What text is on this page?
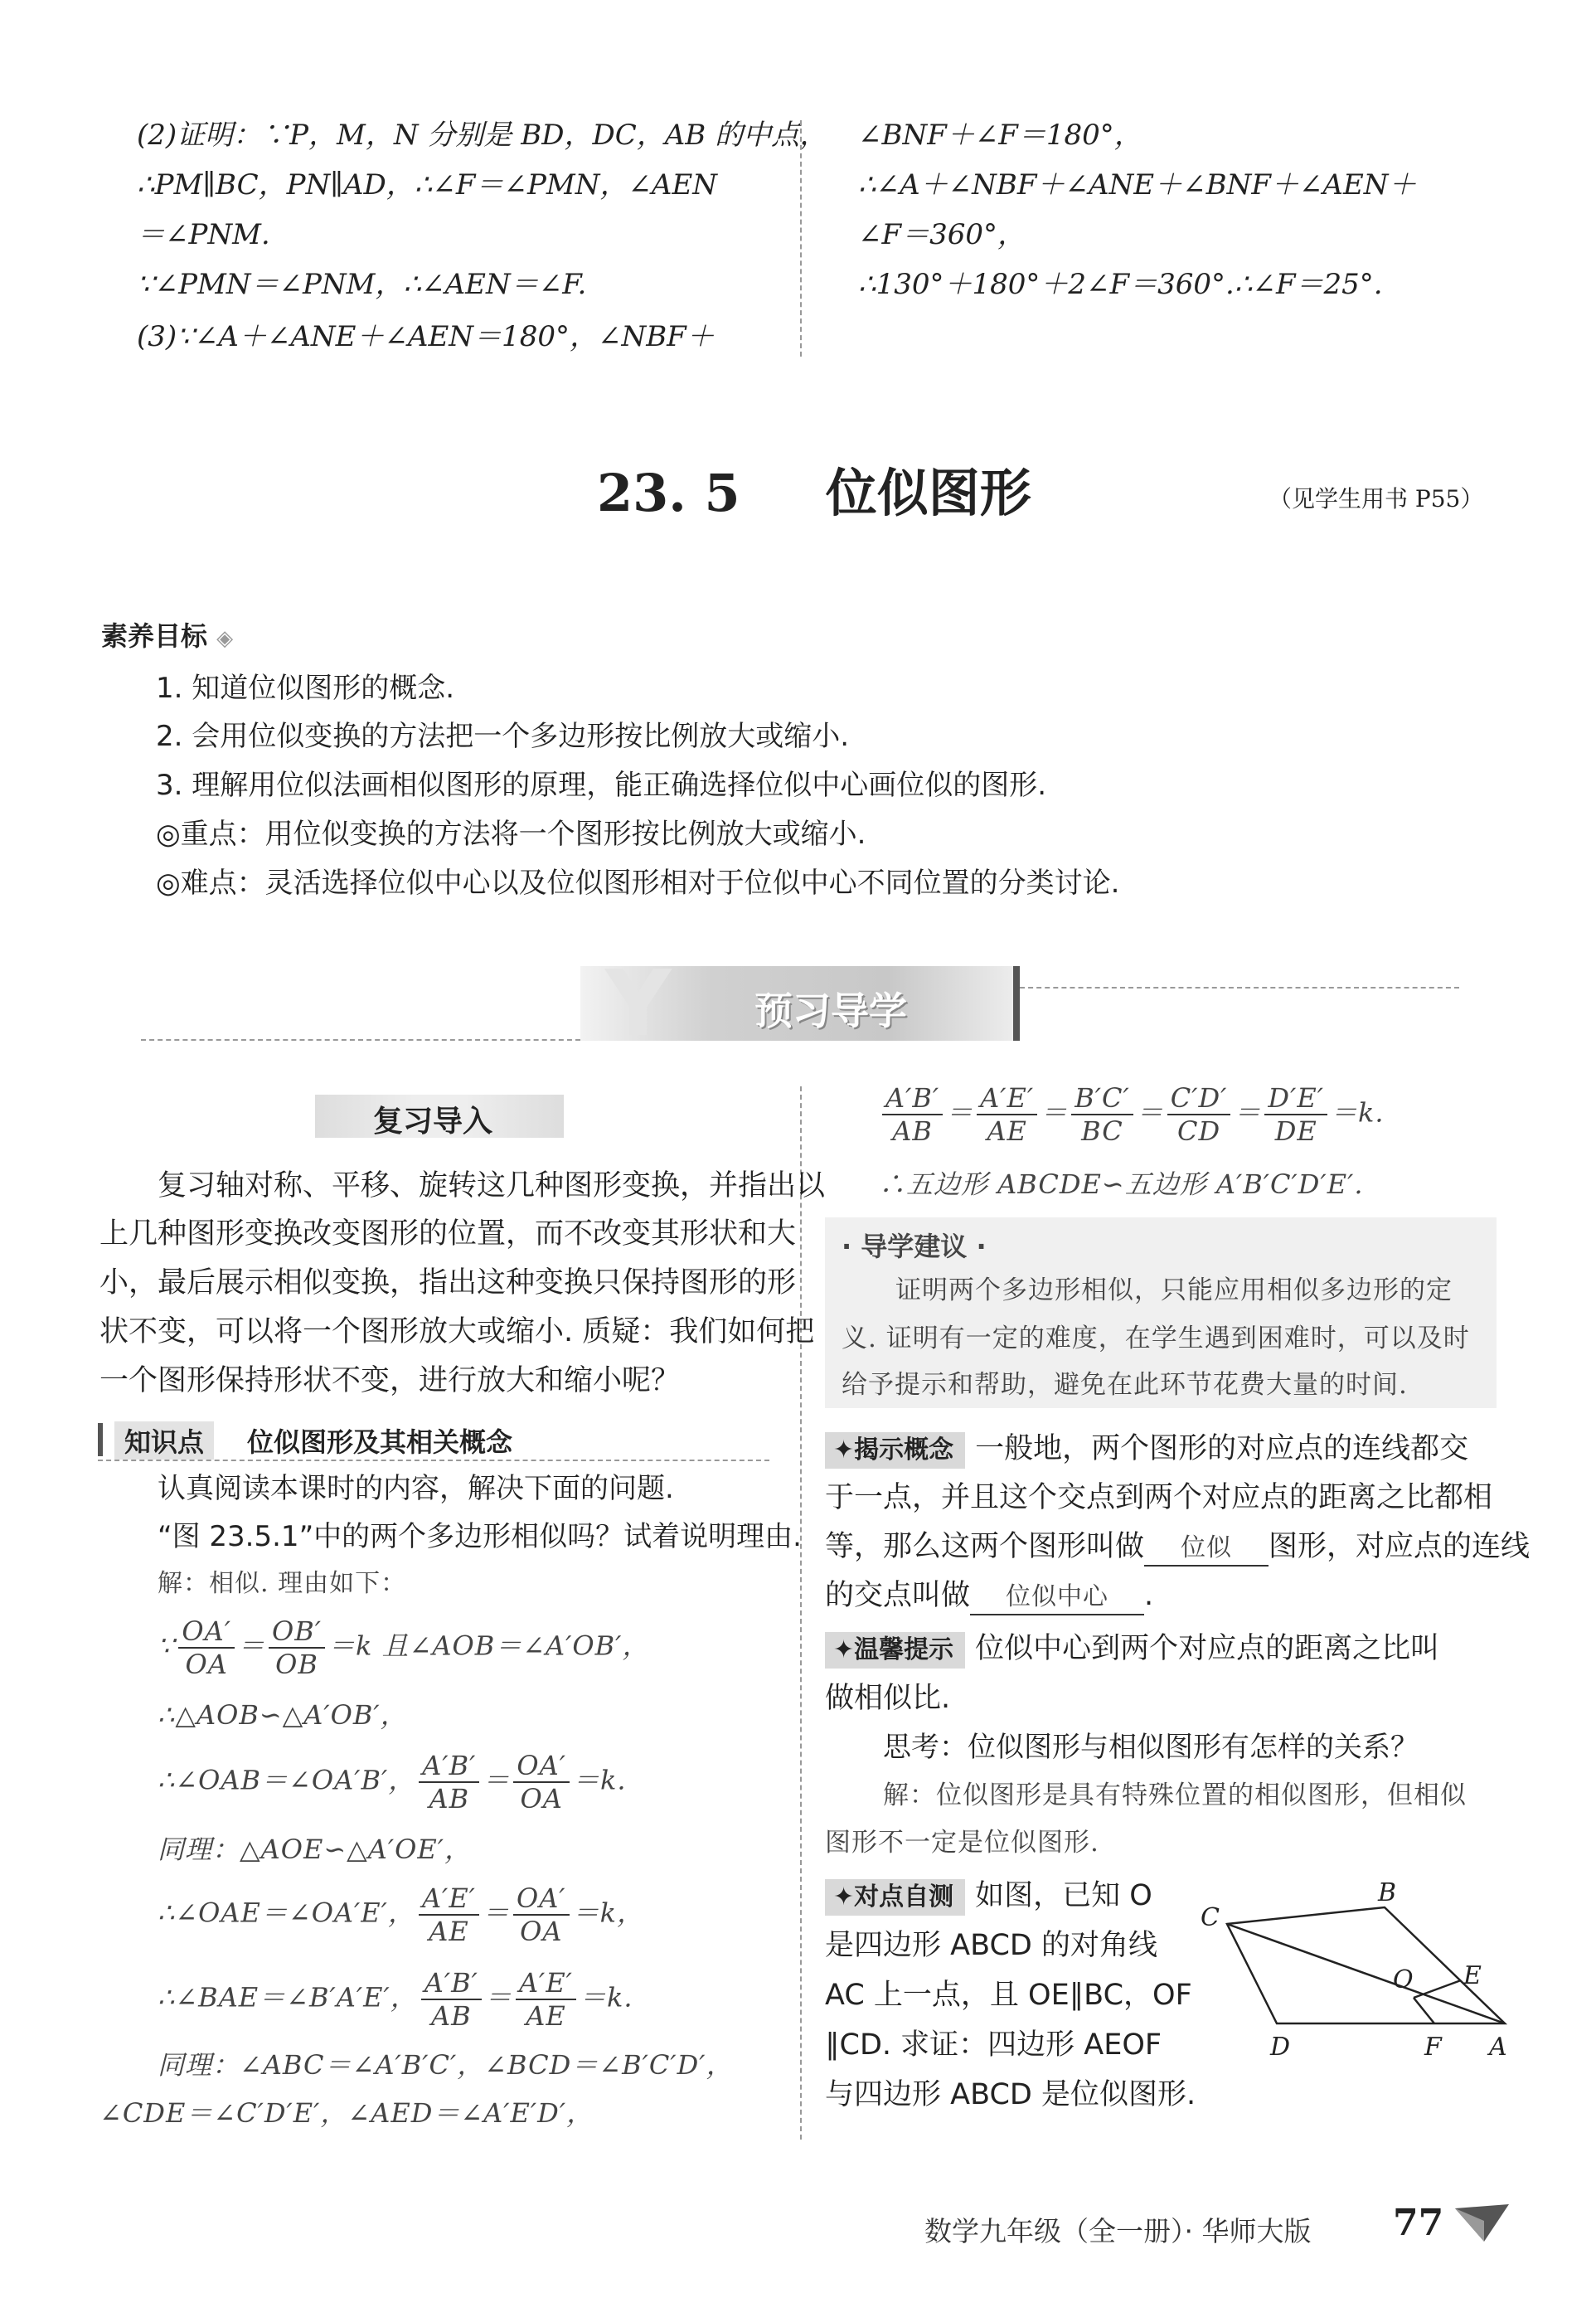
(2)证明：∵P，M，N 分别是 BD，DC，AB 的中点，
∴PM∥BC，PN∥AD，∴∠F＝∠PMN，∠AEN
＝∠PNM.
∵∠PMN＝∠PNM，∴∠AEN＝∠F.
(3)∵∠A＋∠ANE＋∠AEN＝180°，∠NBF＋
∠BNF＋∠F＝180°，
∴∠A＋∠NBF＋∠ANE＋∠BNF＋∠AEN＋
∠F＝360°，
∴130°＋180°＋2∠F＝360°.∴∠F＝25°.
23. 5 位似图形	（见学生用书 P55）
素养目标 ◈
1. 知道位似图形的概念.
2. 会用位似变换的方法把一个多边形按比例放大或缩小.
3. 理解用位似法画相似图形的原理，能正确选择位似中心画位似的图形.
◎重点：用位似变换的方法将一个图形按比例放大或缩小.
◎难点：灵活选择位似中心以及位似图形相对于位似中心不同位置的分类讨论.
Y 预习导学
复习导入
复习轴对称、平移、旋转这几种图形变换，并指出以
上几种图形变换改变图形的位置，而不改变其形状和大
小，最后展示相似变换，指出这种变换只保持图形的形
状不变，可以将一个图形放大或缩小. 质疑：我们如何把
一个图形保持形状不变，进行放大和缩小呢？
知识点	位似图形及其相关概念
认真阅读本课时的内容，解决下面的问题.
“图 23.5.1”中的两个多边形相似吗？试着说明理由.
解：相似. 理由如下：
∵ $\frac{OA'}{OA} = \frac{OB'}{OB} =k$ 且∠AOB＝∠A′OB′，
∴△AOB∽△A′OB′，
∴∠OAB＝∠OA′B′， $\frac{A'B'}{AB} = \frac{OA'}{OA} =k$.
同理：△AOE∽△A′OE′，
∴∠OAE＝∠OA′E′， $\frac{A'E'}{AE} = \frac{OA'}{OA} =k$，
∴∠BAE＝∠B′A′E′， $\frac{A'B'}{AB} = \frac{A'E'}{AE} =k$.
同理：∠ABC＝∠A′B′C′，∠BCD＝∠B′C′D′，
∠CDE＝∠C′D′E′，∠AED＝∠A′E′D′，
$\frac{A'B'}{AB} = \frac{A'E'}{AE} = \frac{B'C'}{BC} = \frac{C'D'}{CD} = \frac{D'E'}{DE} =k$.
∴五边形 ABCDE∽五边形 A′B′C′D′E′.
· 导学建议 ·
证明两个多边形相似，只能应用相似多边形的定
义. 证明有一定的难度，在学生遇到困难时，可以及时
给予提示和帮助，避免在此环节花费大量的时间.
✦揭示概念 一般地，两个图形的对应点的连线都交
于一点，并且这个交点到两个对应点的距离之比都相
等，那么这两个图形叫做 位似 图形，对应点的连线
的交点叫做 位似中心 .
✦温馨提示 位似中心到两个对应点的距离之比叫
做相似比.
思考：位似图形与相似图形有怎样的关系？
解：位似图形是具有特殊位置的相似图形，但相似
图形不一定是位似图形.
✦对点自测 如图，已知 O
是四边形 ABCD 的对角线
AC 上一点，且 OE∥BC，OF
∥CD. 求证：四边形 AEOF
与四边形 ABCD 是位似图形.
B
C
O E
D	F A
数学九年级（全一册）· 华师大版 77
